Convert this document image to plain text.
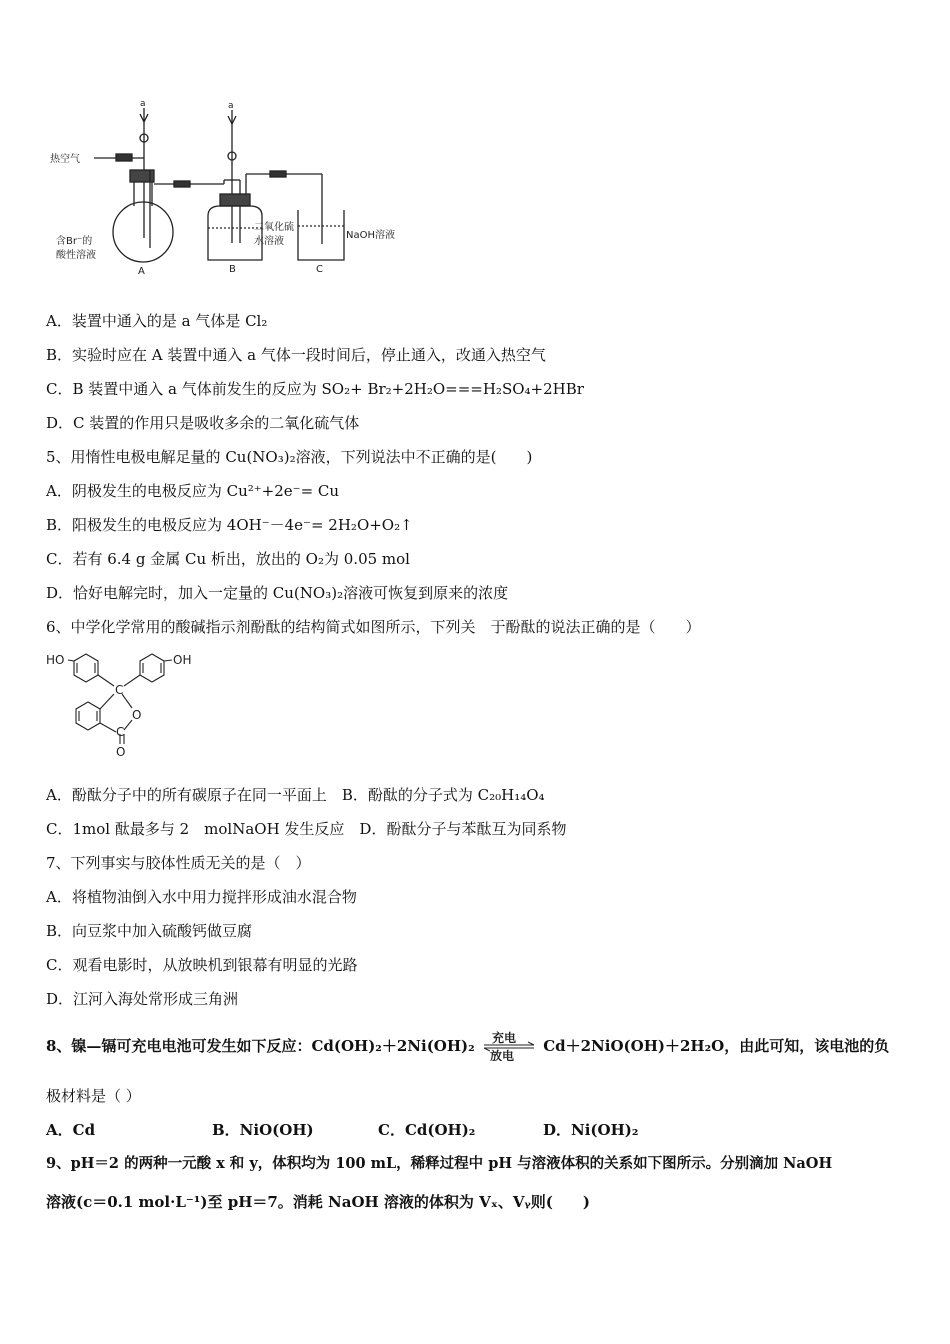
a	a
热空气
含Br⁻的
酸性溶液
二氧化硫
水溶液
NaOH溶液
A	B	C
A．装置中通入的是 a 气体是 Cl₂
B．实验时应在 A 装置中通入 a 气体一段时间后，停止通入，改通入热空气
C．B 装置中通入 a 气体前发生的反应为 SO₂+ Br₂+2H₂O===H₂SO₄+2HBr
D．C 装置的作用只是吸收多余的二氧化硫气体
5、用惰性电极电解足量的 Cu(NO₃)₂溶液，下列说法中不正确的是(　　)
A．阴极发生的电极反应为 Cu²⁺+2e⁻= Cu
B．阳极发生的电极反应为 4OH⁻－4e⁻= 2H₂O+O₂↑
C．若有 6.4 g 金属 Cu 析出，放出的 O₂为 0.05 mol
D．恰好电解完时，加入一定量的 Cu(NO₃)₂溶液可恢复到原来的浓度
6、中学化学常用的酸碱指示剂酚酞的结构简式如图所示，下列关　于酚酞的说法正确的是（　　）
HO	OH
C
O
C
O
A．酚酞分子中的所有碳原子在同一平面上　B．酚酞的分子式为 C₂₀H₁₄O₄
C．1mol 酞最多与 2　molNaOH 发生反应　D．酚酞分子与苯酞互为同系物
7、下列事实与胶体性质无关的是（　）
A．将植物油倒入水中用力搅拌形成油水混合物
B．向豆浆中加入硫酸钙做豆腐
C．观看电影时，从放映机到银幕有明显的光路
D．江河入海处常形成三角洲
8、镍—镉可充电电池可发生如下反应：Cd(OH)₂＋2Ni(OH)₂ 充电
放电
Cd＋2NiO(OH)＋2H₂O，由此可知，该电池的负
极材料是（ ）
A．Cd	B．NiO(OH)	C．Cd(OH)₂	D．Ni(OH)₂
9、pH＝2 的两种一元酸 x 和 y，体积均为 100 mL，稀释过程中 pH 与溶液体积的关系如下图所示。分别滴加 NaOH
溶液(c＝0.1 mol·L⁻¹)至 pH＝7。消耗 NaOH 溶液的体积为 Vₓ、Vᵧ则(　　)
